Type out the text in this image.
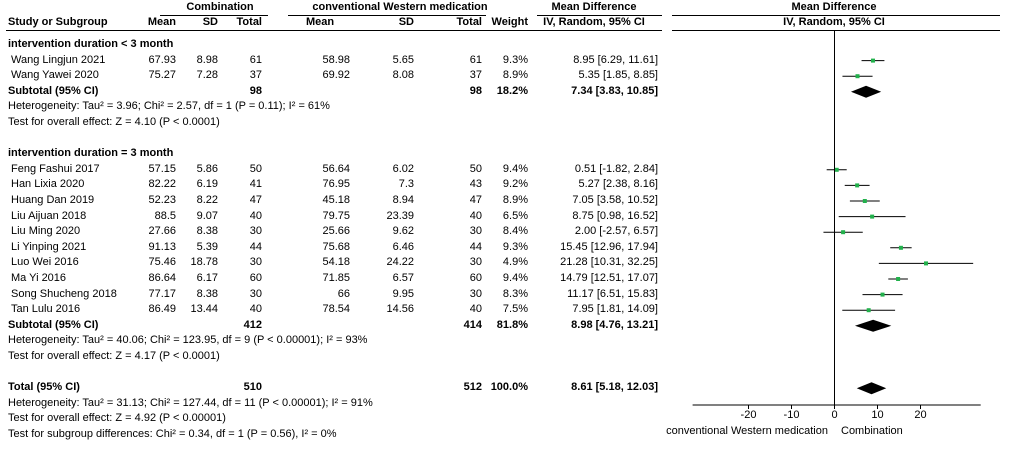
Combination	conventional Western medication	Mean Difference	Mean Difference
Study or Subgroup	Mean SD Total	Mean	SD	Total Weight	IV, Random, 95% CI	IV, Random, 95% CI
intervention duration < 3 month
Wang Lingjun 2021	67.93 8.98	61	58.98	5.65	61 9.3%	8.95 [6.29, 11.61]
Wang Yawei 2020	75.27 7.28	37	69.92	8.08	37 8.9%	5.35 [1.85, 8.85]
Subtotal (95% CI)	98	98 18.2%	7.34 [3.83, 10.85]
Heterogeneity: Tau² = 3.96; Chi² = 2.57, df = 1 (P = 0.11); I² = 61%
Test for overall effect: Z = 4.10 (P < 0.0001)
intervention duration = 3 month
Feng Fashui 2017	57.15 5.86	50	56.64	6.02	50 9.4%	0.51 [-1.82, 2.84]
Han Lixia 2020	82.22 6.19	41	76.95	7.3	43 9.2%	5.27 [2.38, 8.16]
Huang Dan 2019	52.23 8.22	47	45.18	8.94	47 8.9%	7.05 [3.58, 10.52]
Liu Aijuan 2018	88.5 9.07	40	79.75	23.39	40 6.5%	8.75 [0.98, 16.52]
Liu Ming 2020	27.66 8.38	30	25.66	9.62	30 8.4%	2.00 [-2.57, 6.57]
Li Yinping 2021	91.13 5.39	44	75.68	6.46	44 9.3%	15.45 [12.96, 17.94]
Luo Wei 2016	75.46 18.78	30	54.18	24.22	30 4.9%	21.28 [10.31, 32.25]
Ma Yi 2016	86.64 6.17	60	71.85	6.57	60 9.4%	14.79 [12.51, 17.07]
Song Shucheng 2018	77.17 8.38	30	66	9.95	30 8.3%	11.17 [6.51, 15.83]
Tan Lulu 2016	86.49 13.44	40	78.54	14.56	40 7.5%	7.95 [1.81, 14.09]
Subtotal (95% CI)	412	414 81.8%	8.98 [4.76, 13.21]
Heterogeneity: Tau² = 40.06; Chi² = 123.95, df = 9 (P < 0.00001); I² = 93%
Test for overall effect: Z = 4.17 (P < 0.0001)
Total (95% CI)	510	512 100.0%	8.61 [5.18, 12.03]
Heterogeneity: Tau² = 31.13; Chi² = 127.44, df = 11 (P < 0.00001); I² = 91%
Test for overall effect: Z = 4.92 (P < 0.00001)
Test for subgroup differences: Chi² = 0.34, df = 1 (P = 0.56), I² = 0%
-20	-10	0	10	20
conventional Western medication Combination
